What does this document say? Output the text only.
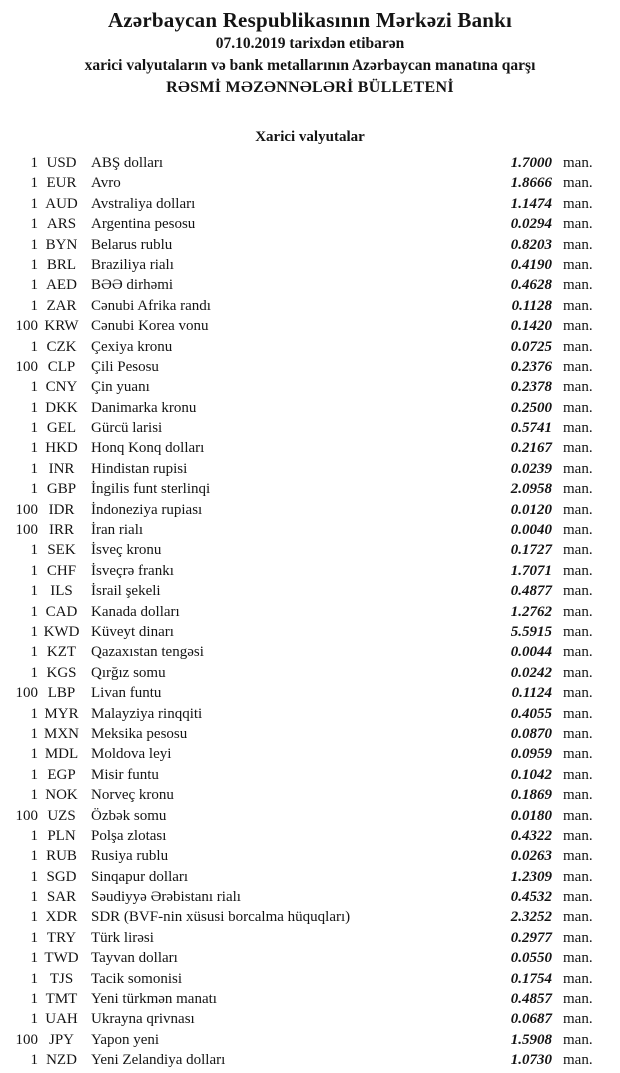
Azərbaycan Respublikasının Mərkəzi Bankı
07.10.2019 tarixdən etibarən
xarici valyutaların və bank metallarının Azərbaycan manatına qarşı
RƏSMİ MƏZƏNNƏLƏRİ BÜLLETENİ
Xarici valyutalar
1 USD ABŞ dolları	1.7000 man.
1 EUR Avro	1.8666 man.
1 AUD Avstraliya dolları	1.1474 man.
1 ARS Argentina pesosu	0.0294 man.
1 BYN Belarus rublu	0.8203 man.
1 BRL Braziliya rialı	0.4190 man.
1 AED BƏƏ dirhəmi	0.4628 man.
1 ZAR Cənubi Afrika randı	0.1128 man.
100 KRW Cənubi Korea vonu	0.1420 man.
1 CZK Çexiya kronu	0.0725 man.
100 CLP	Çili Pesosu	0.2376 man.
1 CNY Çin yuanı	0.2378 man.
1 DKK Danimarka kronu	0.2500 man.
1 GEL Gürcü larisi	0.5741 man.
1 HKD Honq Konq dolları	0.2167 man.
1 INR	Hindistan rupisi	0.0239 man.
1 GBP İngilis funt sterlinqi	2.0958 man.
100 IDR	İndoneziya rupiası	0.0120 man.
100 IRR	İran rialı	0.0040 man.
1 SEK	İsveç kronu	0.1727 man.
1 CHF İsveçrə frankı	1.7071 man.
1 ILS	İsrail şekeli	0.4877 man.
1 CAD Kanada dolları	1.2762 man.
1 KWD Küveyt dinarı	5.5915 man.
1 KZT Qazaxıstan tengəsi	0.0044 man.
1 KGS Qırğız somu	0.0242 man.
100 LBP	Livan funtu	0.1124 man.
1 MYR Malayziya rinqqiti	0.4055 man.
1 MXN Meksika pesosu	0.0870 man.
1 MDL Moldova leyi	0.0959 man.
1 EGP	Misir funtu	0.1042 man.
1 NOK Norveç kronu	0.1869 man.
100 UZS	Özbək somu	0.0180 man.
1 PLN	Polşa zlotası	0.4322 man.
1 RUB Rusiya rublu	0.0263 man.
1 SGD Sinqapur dolları	1.2309 man.
1 SAR Səudiyyə Ərəbistanı rialı	0.4532 man.
1 XDR SDR (BVF-nin xüsusi borcalma hüquqları)	2.3252 man.
1 TRY Türk lirəsi	0.2977 man.
1 TWD Tayvan dolları	0.0550 man.
1 TJS	Tacik somonisi	0.1754 man.
1 TMT Yeni türkmən manatı	0.4857 man.
1 UAH Ukrayna qrivnası	0.0687 man.
100 JPY	Yapon yeni	1.5908 man.
1 NZD Yeni Zelandiya dolları	1.0730 man.
